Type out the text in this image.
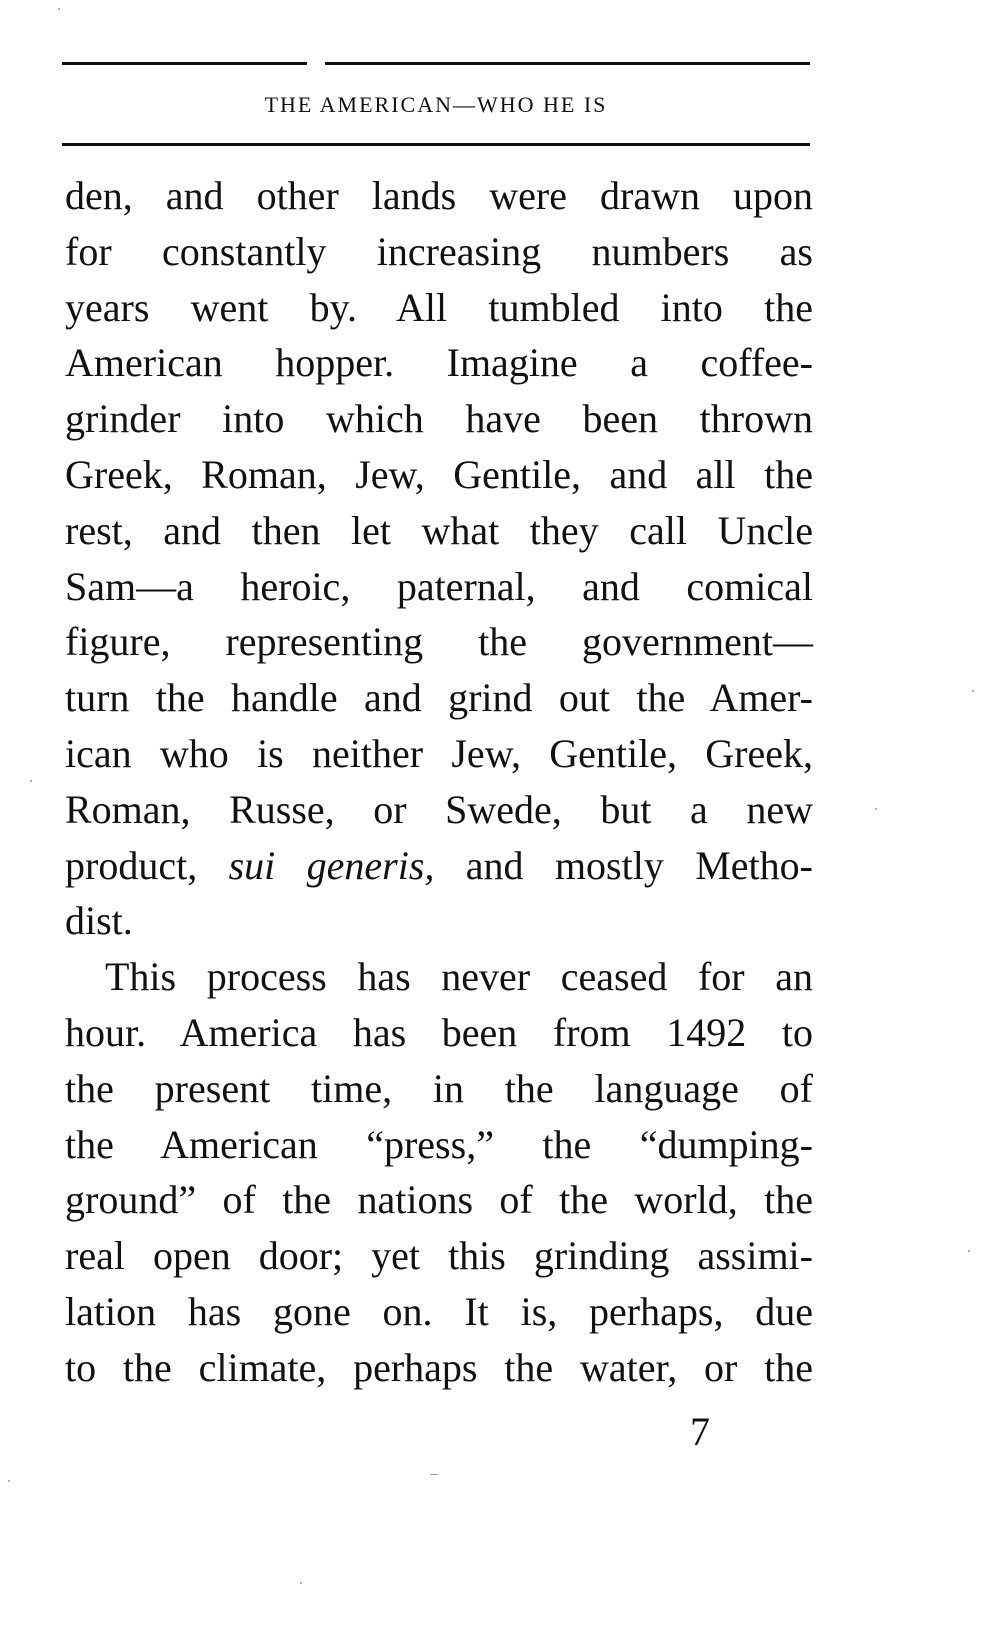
THE AMERICAN—WHO HE IS
den, and other lands were drawn upon
for constantly increasing numbers as
years went by. All tumbled into the
American hopper. Imagine a coffee-
grinder into which have been thrown
Greek, Roman, Jew, Gentile, and all the
rest, and then let what they call Uncle
Sam—a heroic, paternal, and comical
figure, representing the government—
turn the handle and grind out the Amer-
ican who is neither Jew, Gentile, Greek,
Roman, Russe, or Swede, but a new
product, sui generis, and mostly Metho-
dist.
This process has never ceased for an
hour. America has been from 1492 to
the present time, in the language of
the American “press,” the “dumping-
ground” of the nations of the world, the
real open door; yet this grinding assimi-
lation has gone on. It is, perhaps, due
to the climate, perhaps the water, or the
7
